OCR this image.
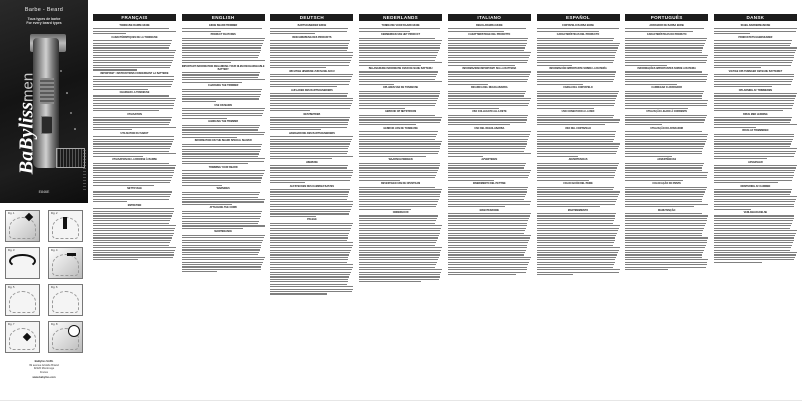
Barbe - Beard
Tous types de barbe
For every beard types
BaBylissmen
E846E
Fig. 1	Fig. 2
Fig. 3	Fig. 4
Fig. 5	Fig. 6
Fig. 7	Fig. 8
BaByliss SARL
99 avenue Aristide Briand
92120 Montrouge
France
www.babyliss.com
FRANÇAIS
TONDEUSE BARBE E846E
CARACTÉRISTIQUES DE LA TONDEUSE
IMPORTANT : INSTRUCTIONS CONCERNANT LA BATTERIE
CHARGER LA TONDEUSE
UTILISATION
UTILISATION DU SABOT
UTILISATION DE LA BROSSE À BARBE
NETTOYAGE
ENTRETIEN
ENGLISH
E846E BEARD TRIMMER
PRODUCT FEATURES
IMPORTANT INFORMATION REGARDING YOUR NI-MH RECHARGEABLE BATTERY
CHARGING THE TRIMMER
USE ON MAINS
HANDLING THE TRIMMER
INFORMATION ON THE BEARD SPECIAL SHAVER
TRIMMING YOUR BEARD
WARNINGS
ATTACHING THE COMB
MAINTENANCE
DEUTSCH
BARTSCHNEIDER E846E
BESCHREIBUNG DES PRODUKTS
WICHTIGE HINWEISE ZUM NI-MH AKKU
AUFLADEN DES BARTSCHNEIDERS
NETZBETRIEB
HANDHABUNG DES BARTSCHNEIDERS
HINWEISE
AUFSTECKEN DES KAMMAUFSATZES
PFLEGE
NEDERLANDS
TONDEUSE VOOR BAARD E846E
KENMERKEN VAN HET PRODUCT
BELANGRIJKE INFORMATIE OVER DE NI-MH BATTERIJ
OPLADEN VAN DE TONDEUSE
GEBRUIK OP NETSTROOM
GEBRUIK VAN DE TONDEUSE
WAARSCHUWINGEN
BEVESTIGEN VAN DE OPZETKAM
ONDERHOUD
ITALIANO
REGOLABARBA E846E
CARATTERISTICHE DEL PRODOTTO
INFORMAZIONI IMPORTANTI SULLA BATTERIA
RICARICA DEL REGOLABARBA
USO COLLEGATO ALLA RETE
USO DEL REGOLABARBA
AVVERTENZE
INSERIMENTO DEL PETTINE
MANUTENZIONE
ESPAÑOL
CORTAPELO BARBA E846E
CARACTERÍSTICAS DEL PRODUCTO
INFORMACIÓN IMPORTANTE SOBRE LA BATERÍA
CARGA DEL CORTAPELO
USO CONECTADO A LA RED
USO DEL CORTAPELO
ADVERTENCIAS
COLOCACIÓN DEL PEINE
MANTENIMIENTO
PORTUGUÊS
APARADOR DE BARBA E846E
CARACTERÍSTICAS DO PRODUTO
INFORMAÇÕES IMPORTANTES SOBRE A BATERIA
CARREGAR O APARADOR
UTILIZAÇÃO LIGADO À CORRENTE
UTILIZAÇÃO DO APARADOR
ADVERTÊNCIAS
COLOCAÇÃO DO PENTE
MANUTENÇÃO
DANSK
SKÆG-BARBERMASKINE
PRODUKTETS EGENSKABER
VIGTIGE OPLYSNINGER OM NI-MH BATTERIET
OPLADNING AF TRIMMEREN
BRUG MED LEDNING
BRUG AF TRIMMEREN
ADVARSLER
MONTERING AF KAMMEN
VEDLIGEHOLDELSE
